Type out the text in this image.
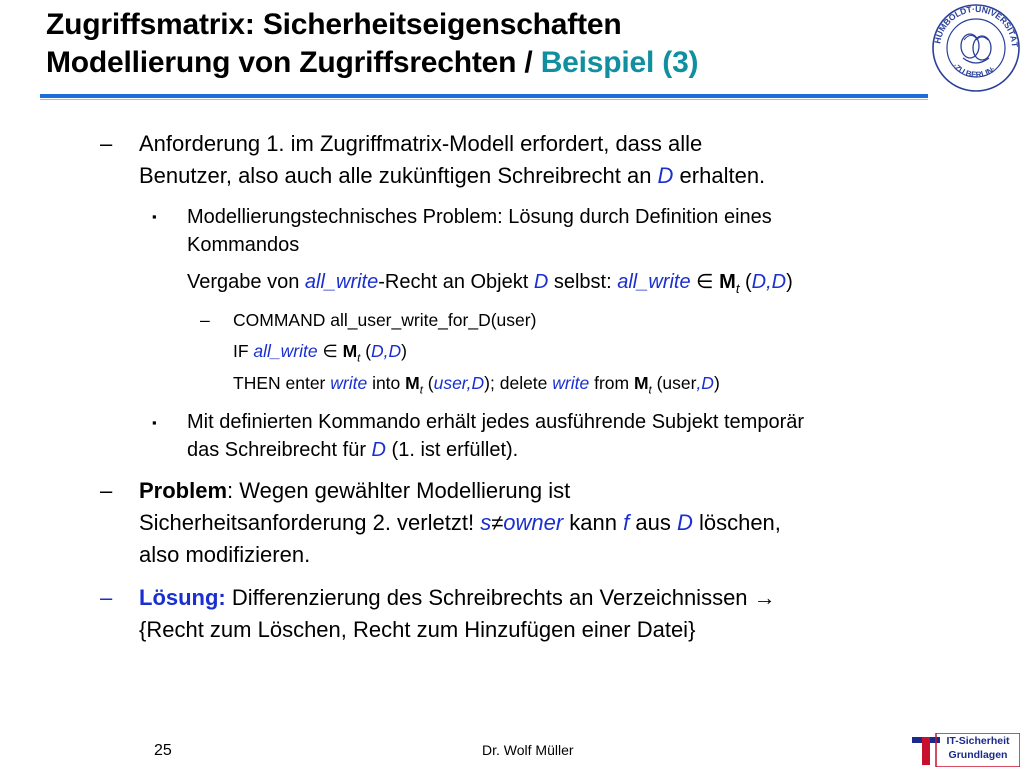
Zugriffsmatrix: Sicherheitseigenschaften
Modellierung von Zugriffsrechten / Beispiel (3)
HUMBOLDT·UNIVERSITÄT
·ZU BERLIN·
– Anforderung 1. im Zugriffmatrix-Modell erfordert, dass alle
Benutzer, also auch alle zukünftigen Schreibrecht an D erhalten.
▪ Modellierungstechnisches Problem: Lösung durch Definition eines
Kommandos
Vergabe von all_write-Recht an Objekt D selbst: all_write ∈ $M_t$ (D,D)
– COMMAND all_user_write_for_D(user)
IF all_write ∈ $M_t$ (D,D)
THEN enter write into $M_t$ (user,D); delete write from $M_t$ (user,D)
▪ Mit definierten Kommando erhält jedes ausführende Subjekt temporär
das Schreibrecht für D (1. ist erfüllet).
– Problem: Wegen gewählter Modellierung ist
Sicherheitsanforderung 2. verletzt! s≠owner kann f aus D löschen,
also modifizieren.
– Lösung: Differenzierung des Schreibrechts an Verzeichnissen →
{Recht zum Löschen, Recht zum Hinzufügen einer Datei}
25	Dr. Wolf Müller
IT-Sicherheit
Grundlagen
